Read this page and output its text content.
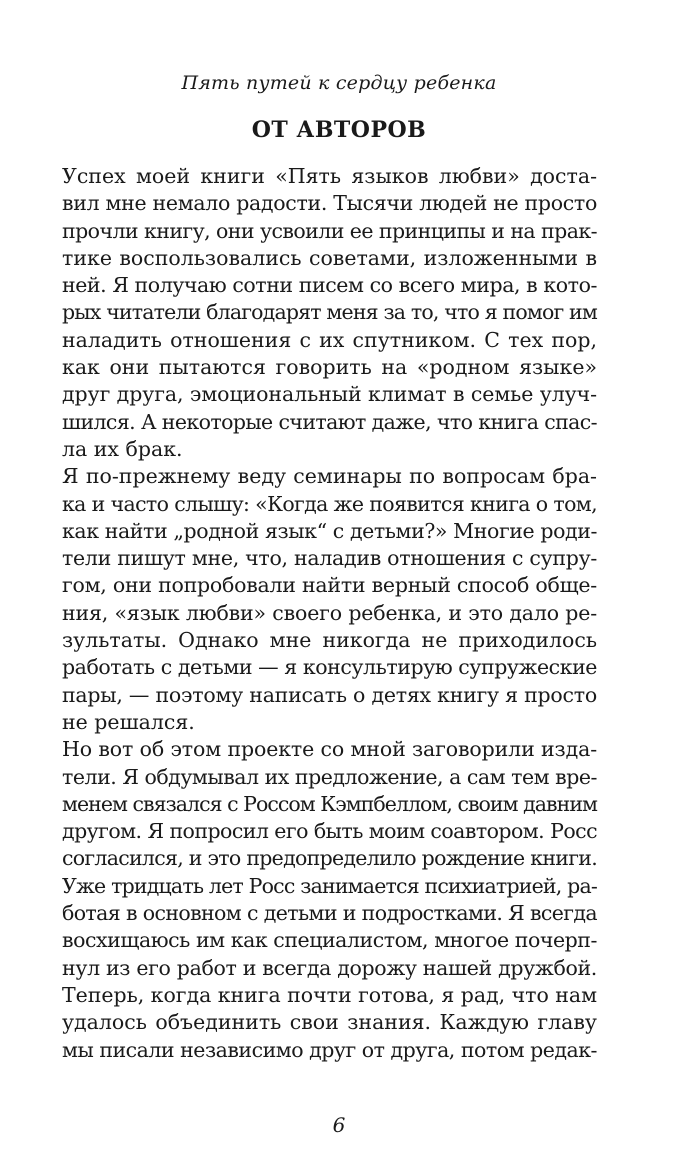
Пять путей к сердцу ребенка
ОТ АВТОРОВ
Успех моей книги «Пять языков любви» доста-
вил мне немало радости. Тысячи людей не просто
прочли книгу, они усвоили ее принципы и на прак-
тике воспользовались советами, изложенными в
ней. Я получаю сотни писем со всего мира, в кото-
рых читатели благодарят меня за то, что я помог им
наладить отношения с их спутником. С тех пор,
как они пытаются говорить на «родном языке»
друг друга, эмоциональный климат в семье улуч-
шился. А некоторые считают даже, что книга спас-
ла их брак.
Я по-прежнему веду семинары по вопросам бра-
ка и часто слышу: «Когда же появится книга о том,
как найти „родной язык“ с детьми?» Многие роди-
тели пишут мне, что, наладив отношения с супру-
гом, они попробовали найти верный способ обще-
ния, «язык любви» своего ребенка, и это дало ре-
зультаты. Однако мне никогда не приходилось
работать с детьми — я консультирую супружеские
пары, — поэтому написать о детях книгу я просто
не решался.
Но вот об этом проекте со мной заговорили изда-
тели. Я обдумывал их предложение, а сам тем вре-
менем связался с Россом Кэмпбеллом, своим давним
другом. Я попросил его быть моим соавтором. Росс
согласился, и это предопределило рождение книги.
Уже тридцать лет Росс занимается психиатрией, ра-
ботая в основном с детьми и подростками. Я всегда
восхищаюсь им как специалистом, многое почерп-
нул из его работ и всегда дорожу нашей дружбой.
Теперь, когда книга почти готова, я рад, что нам
удалось объединить свои знания. Каждую главу
мы писали независимо друг от друга, потом редак-
6
